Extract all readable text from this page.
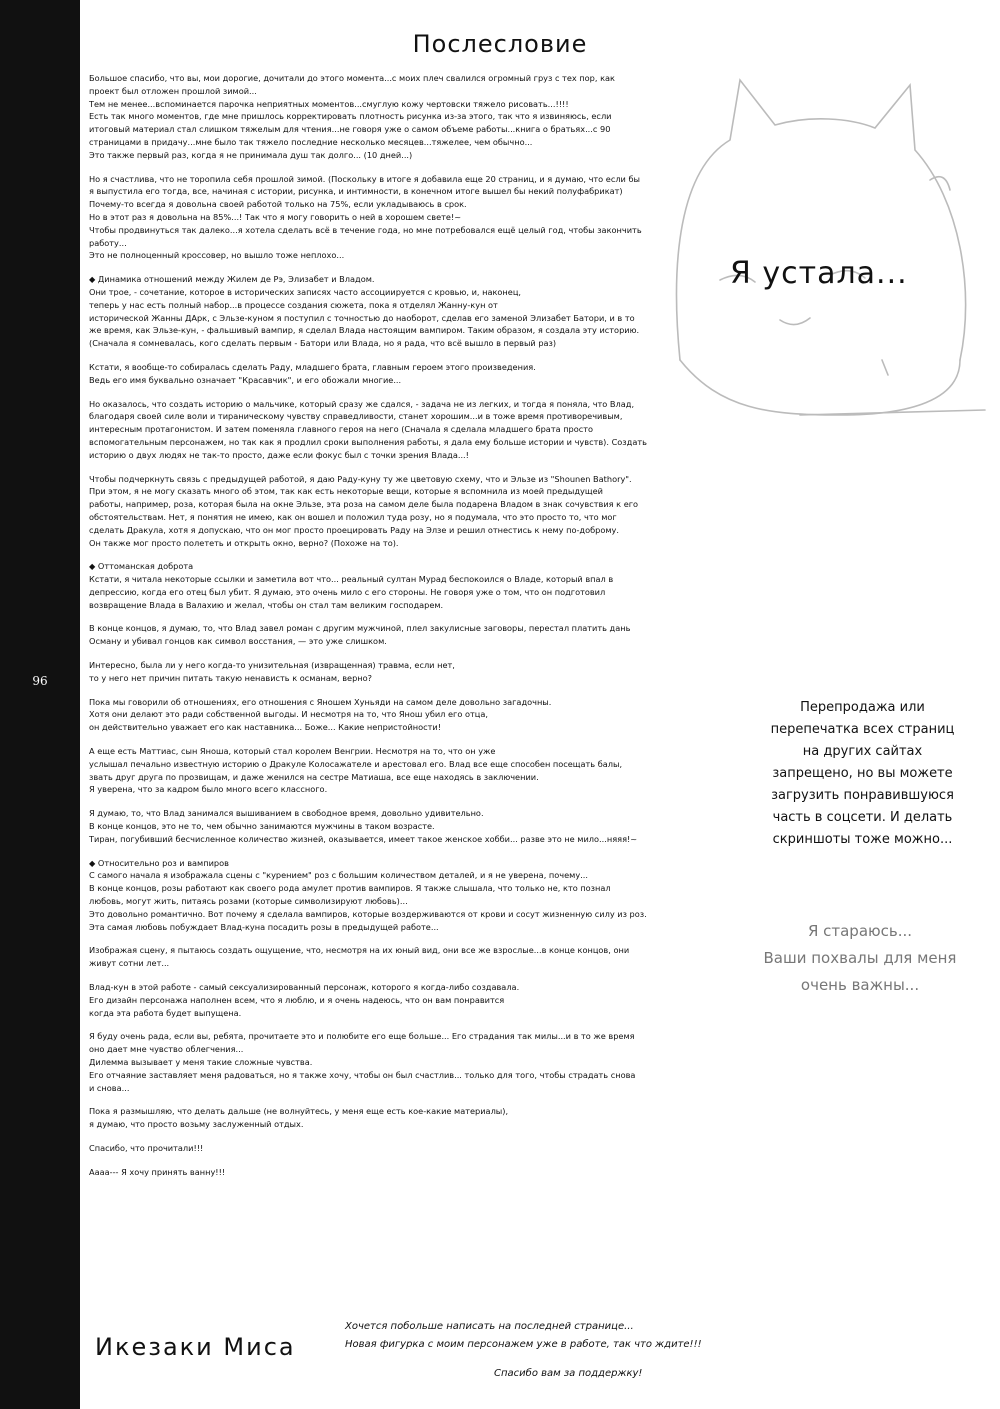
96
Послесловие
Я устала...

Большое спасибо, что вы, мои дорогие, дочитали до этого момента...с моих плеч свалился огромный груз с тех пор, как
проект был отложен прошлой зимой...
Тем не менее...вспоминается парочка неприятных моментов...смуглую кожу чертовски тяжело рисовать...!!!!
Есть так много моментов, где мне пришлось корректировать плотность рисунка из-за этого, так что я извиняюсь, если
итоговый материал стал слишком тяжелым для чтения...не говоря уже о самом объеме работы...книга о братьях...с 90
страницами в придачу...мне было так тяжело последние несколько месяцев...тяжелее, чем обычно...
Это также первый раз, когда я не принимала душ так долго... (10 дней...)

Но я счастлива, что не торопила себя прошлой зимой. (Поскольку в итоге я добавила еще 20 страниц, и я думаю, что если бы
я выпустила его тогда, все, начиная с истории, рисунка, и интимности, в конечном итоге вышел бы некий полуфабрикат)
Почему-то всегда я довольна своей работой только на 75%, если укладываюсь в срок.
Но в этот раз я довольна на 85%...! Так что я могу говорить о ней в хорошем свете!~
Чтобы продвинуться так далеко...я хотела сделать всё в течение года, но мне потребовался ещё целый год, чтобы закончить
работу...
Это не полноценный кроссовер, но вышло тоже неплохо...

◆ Динамика отношений между Жилем де Рэ, Элизабет и Владом.

Они трое, - сочетание, которое в исторических записях часто ассоциируется с кровью, и, наконец,
теперь у нас есть полный набор...в процессе создания сюжета, пока я отделял Жанну-кун от
исторической Жанны ДАрк, с Эльзе-куном я поступил с точностью до наоборот, сделав его заменой Элизабет Батори, и в то
же время, как Эльзе-кун, - фальшивый вампир, я сделал Влада настоящим вампиром. Таким образом, я создала эту историю.
(Сначала я сомневалась, кого сделать первым - Батори или Влада, но я рада, что всё вышло в первый раз)

Кстати, я вообще-то собиралась сделать Раду, младшего брата, главным героем этого произведения.
Ведь его имя буквально означает "Красавчик", и его обожали многие...

Но оказалось, что создать историю о мальчике, который сразу же сдался, - задача не из легких, и тогда я поняла, что Влад,
благодаря своей силе воли и тираническому чувству справедливости, станет хорошим...и в тоже время противоречивым,
интересным протагонистом. И затем поменяла главного героя на него (Сначала я сделала младшего брата просто
вспомогательным персонажем, но так как я продлил сроки выполнения работы, я дала ему больше истории и чувств). Создать
историю о двух людях не так-то просто, даже если фокус был с точки зрения Влада...!

Чтобы подчеркнуть связь с предыдущей работой, я даю Раду-куну ту же цветовую схему, что и Эльзе из "Shounen Bathory".
При этом, я не могу сказать много об этом, так как есть некоторые вещи, которые я вспомнила из моей предыдущей
работы, например, роза, которая была на окне Эльзе, эта роза на самом деле была подарена Владом в знак сочувствия к его
обстоятельствам. Нет, я понятия не имею, как он вошел и положил туда розу, но я подумала, что это просто то, что мог
сделать Дракула, хотя я допускаю, что он мог просто проецировать Раду на Элзе и решил отнестись к нему по-доброму.
Он также мог просто полететь и открыть окно, верно? (Похоже на то).

◆ Оттоманская доброта

Кстати, я читала некоторые ссылки и заметила вот что... реальный султан Мурад беспокоился о Владе, который впал в
депрессию, когда его отец был убит. Я думаю, это очень мило с его стороны. Не говоря уже о том, что он подготовил
возвращение Влада в Валахию и желал, чтобы он стал там великим господарем.

В конце концов, я думаю, то, что Влад завел роман с другим мужчиной, плел закулисные заговоры, перестал платить дань
Осману и убивал гонцов как символ восстания, — это уже слишком.

Интересно, была ли у него когда-то унизительная (извращенная) травма, если нет,
то у него нет причин питать такую ненависть к османам, верно?

Пока мы говорили об отношениях, его отношения с Яношем Хуньяди на самом деле довольно загадочны.
Хотя они делают это ради собственной выгоды. И несмотря на то, что Янош убил его отца,
он действительно уважает его как наставника... Боже... Какие непристойности!

А еще есть Маттиас, сын Яноша, который стал королем Венгрии. Несмотря на то, что он уже
услышал печально известную историю о Дракуле Колосажателе и арестовал его. Влад все еще способен посещать балы,
звать друг друга по прозвищам, и даже женился на сестре Матиаша, все еще находясь в заключении.
Я уверена, что за кадром было много всего классного.

Я думаю, то, что Влад занимался вышиванием в свободное время, довольно удивительно.
В конце концов, это не то, чем обычно занимаются мужчины в таком возрасте.
Тиран, погубивший бесчисленное количество жизней, оказывается, имеет такое женское хобби... разве это не мило...няяя!~

◆ Относительно роз и вампиров

С самого начала я изображала сцены с "курением" роз с большим количеством деталей, и я не уверена, почему...
В конце концов, розы работают как своего рода амулет против вампиров. Я также слышала, что только не, кто познал
любовь, могут жить, питаясь розами (которые символизируют любовь)...
Это довольно романтично. Вот почему я сделала вампиров, которые воздерживаются от крови и сосут жизненную силу из роз.
Эта самая любовь побуждает Влад-куна посадить розы в предыдущей работе...

Изображая сцену, я пытаюсь создать ощущение, что, несмотря на их юный вид, они все же взрослые...в конце концов, они
живут сотни лет...

Влад-кун в этой работе - самый сексуализированный персонаж, которого я когда-либо создавала.
Его дизайн персонажа наполнен всем, что я люблю, и я очень надеюсь, что он вам понравится
когда эта работа будет выпущена.

Я буду очень рада, если вы, ребята, прочитаете это и полюбите его еще больше... Его страдания так милы...и в то же время
оно дает мне чувство облегчения...
Дилемма вызывает у меня такие сложные чувства.
Его отчаяние заставляет меня радоваться, но я также хочу, чтобы он был счастлив... только для того, чтобы страдать снова
и снова...

Пока я размышляю, что делать дальше (не волнуйтесь, у меня еще есть кое-какие материалы),
я думаю, что просто возьму заслуженный отдых.

Спасибо, что прочитали!!!

Аааа--- Я хочу принять ванну!!!

Перепродажа или
перепечатка всех страниц
на других сайтах
запрещено, но вы можете
загрузить понравившуюся
часть в соцсети. И делать
скриншоты тоже можно...
Я стараюсь...
Ваши похвалы для меня
очень важны...
Икезаки Миса
Хочется побольше написать на последней странице...
Новая фигурка с моим персонажем уже в работе, так что ждите!!!
Спасибо вам за поддержку!
